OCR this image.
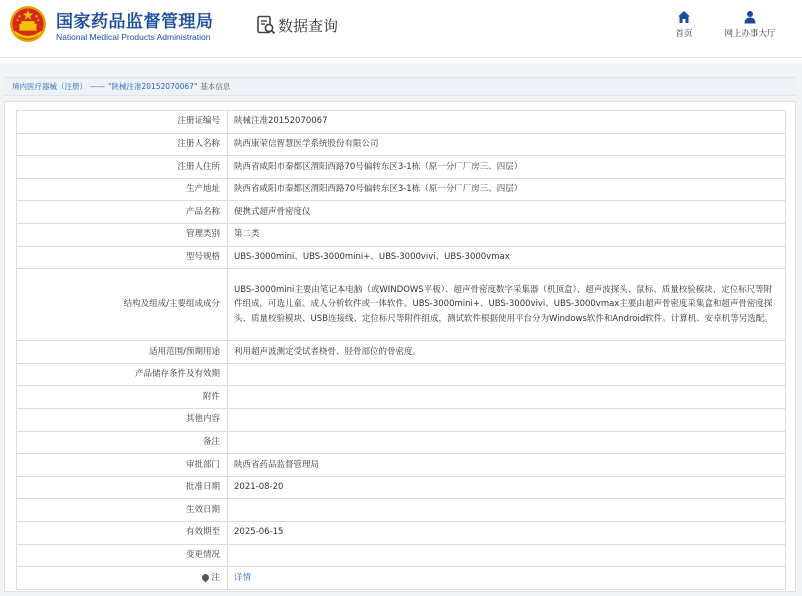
国家药品监督管理局
National Medical Products Administration
数据查询	首页	网上办事大厅
境内医疗器械（注册） —— "陕械注准20152070067" 基本信息
注册证编号	陕械注准20152070067
注册人名称	陕西康荣信智慧医学系统股份有限公司
注册人住所	陕西省咸阳市秦都区渭阳西路70号偏转东区3-1栋（原一分厂厂房三、四层）
生产地址	陕西省咸阳市秦都区渭阳西路70号偏转东区3-1栋（原一分厂厂房三、四层）
产品名称	便携式超声骨密度仪
管理类别	第二类
型号规格	UBS-3000mini、UBS-3000mini+、UBS-3000vivi、UBS-3000vmax
结构及组成/主要组成成分	UBS-3000mini主要由笔记本电脑（或WINDOWS平板）、超声骨密度数字采集器（机顶盒）、超声波探头、鼠标、质量校验模块、定位标尺等附件组成，可选儿童、成人分析软件或一体软件。UBS-3000mini+、UBS-3000vivi、UBS-3000vmax主要由超声骨密度采集盒和超声骨密度探头、质量校验模块、USB连接线、定位标尺等附件组成，测试软件根据使用平台分为Windows软件和Android软件。计算机、安卓机等另选配。
适用范围/预期用途	利用超声波测定受试者桡骨、胫骨部位的骨密度。
产品储存条件及有效期	
附件	
其他内容	
备注	
审批部门	陕西省药品监督管理局
批准日期	2021-08-20
生效日期	
有效期至	2025-06-15
变更情况	
注	详情
